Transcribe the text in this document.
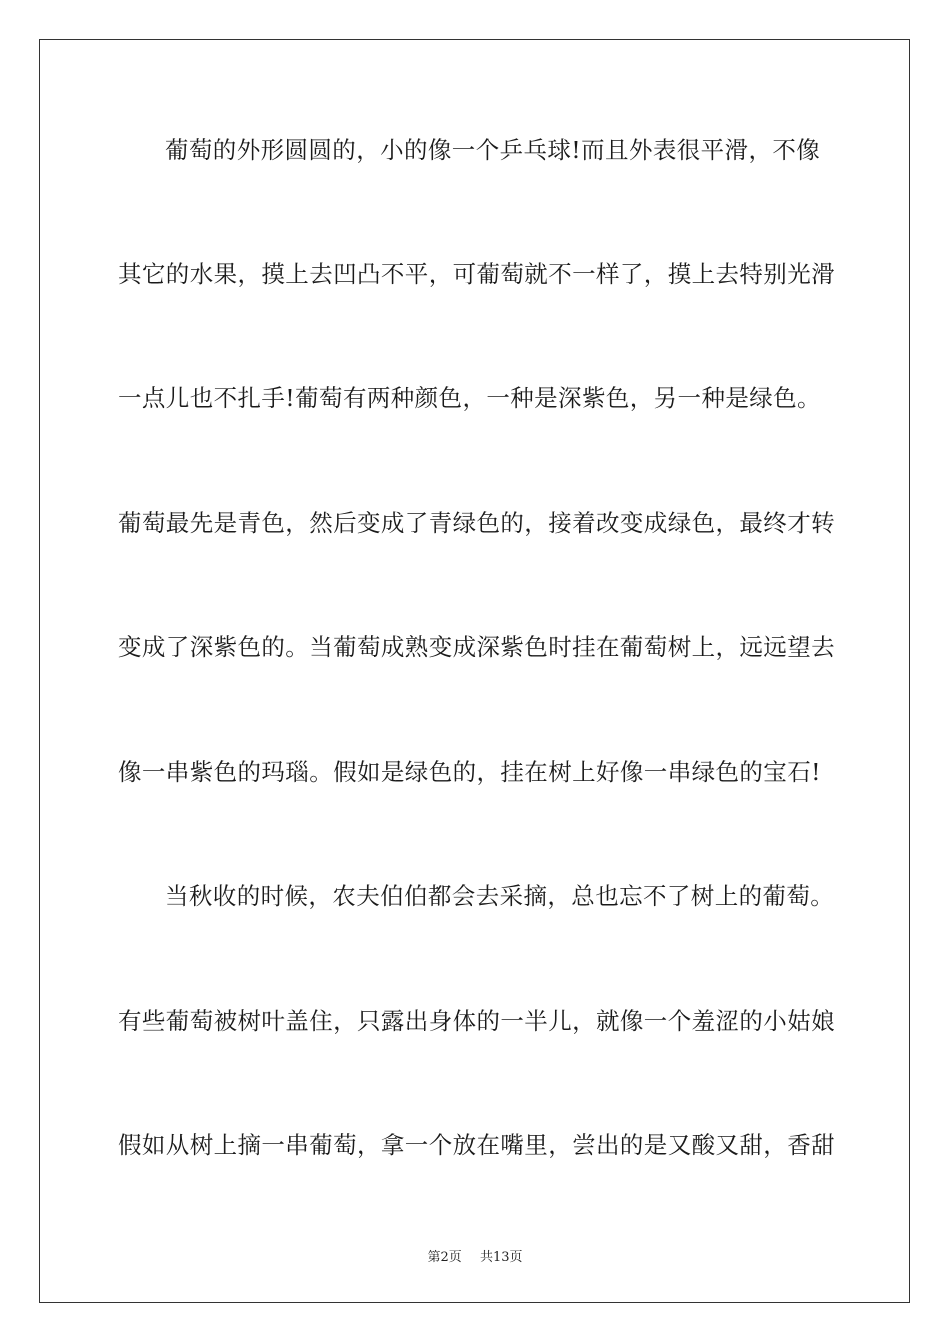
葡萄的外形圆圆的，小的像一个乒乓球!而且外表很平滑，不像
其它的水果，摸上去凹凸不平，可葡萄就不一样了，摸上去特别光滑
一点儿也不扎手!葡萄有两种颜色，一种是深紫色，另一种是绿色。
葡萄最先是青色，然后变成了青绿色的，接着改变成绿色，最终才转
变成了深紫色的。当葡萄成熟变成深紫色时挂在葡萄树上，远远望去
像一串紫色的玛瑙。假如是绿色的，挂在树上好像一串绿色的宝石!
当秋收的时候，农夫伯伯都会去采摘，总也忘不了树上的葡萄。
有些葡萄被树叶盖住，只露出身体的一半儿，就像一个羞涩的小姑娘
假如从树上摘一串葡萄，拿一个放在嘴里，尝出的是又酸又甜，香甜
第2页 共13页
